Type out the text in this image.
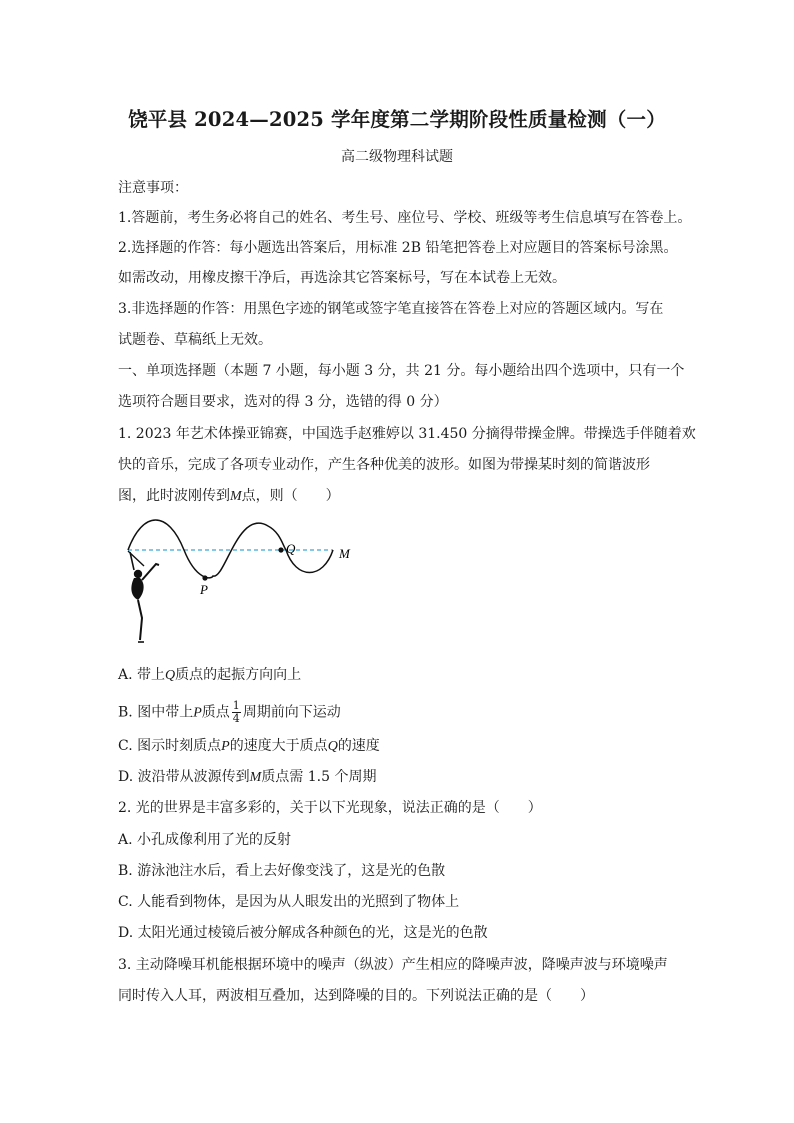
饶平县 2024—2025 学年度第二学期阶段性质量检测（一）
高二级物理科试题
注意事项：
1.答题前，考生务必将自己的姓名、考生号、座位号、学校、班级等考生信息填写在答卷上。
2.选择题的作答：每小题选出答案后，用标准 2B 铅笔把答卷上对应题目的答案标号涂黑。
如需改动，用橡皮擦干净后，再选涂其它答案标号，写在本试卷上无效。
3.非选择题的作答：用黑色字迹的钢笔或签字笔直接答在答卷上对应的答题区域内。写在
试题卷、草稿纸上无效。
一、单项选择题（本题 7 小题，每小题 3 分，共 21 分。每小题给出四个选项中，只有一个
选项符合题目要求，选对的得 3 分，选错的得 0 分）
1. 2023 年艺术体操亚锦赛，中国选手赵雅婷以 31.450 分摘得带操金牌。带操选手伴随着欢
快的音乐，完成了各项专业动作，产生各种优美的波形。如图为带操某时刻的简谐波形
图，此时波刚传到M点，则（　　）
P
Q	M
A. 带上Q质点的起振方向向上
B. 图中带上P质点 $\frac{1}{4}$ 周期前向下运动
C. 图示时刻质点P的速度大于质点Q的速度
D. 波沿带从波源传到M质点需 1.5 个周期
2. 光的世界是丰富多彩的，关于以下光现象，说法正确的是（　　）
A. 小孔成像利用了光的反射
B. 游泳池注水后，看上去好像变浅了，这是光的色散
C. 人能看到物体，是因为从人眼发出的光照到了物体上
D. 太阳光通过棱镜后被分解成各种颜色的光，这是光的色散
3. 主动降噪耳机能根据环境中的噪声（纵波）产生相应的降噪声波，降噪声波与环境噪声
同时传入人耳，两波相互叠加，达到降噪的目的。下列说法正确的是（　　）
